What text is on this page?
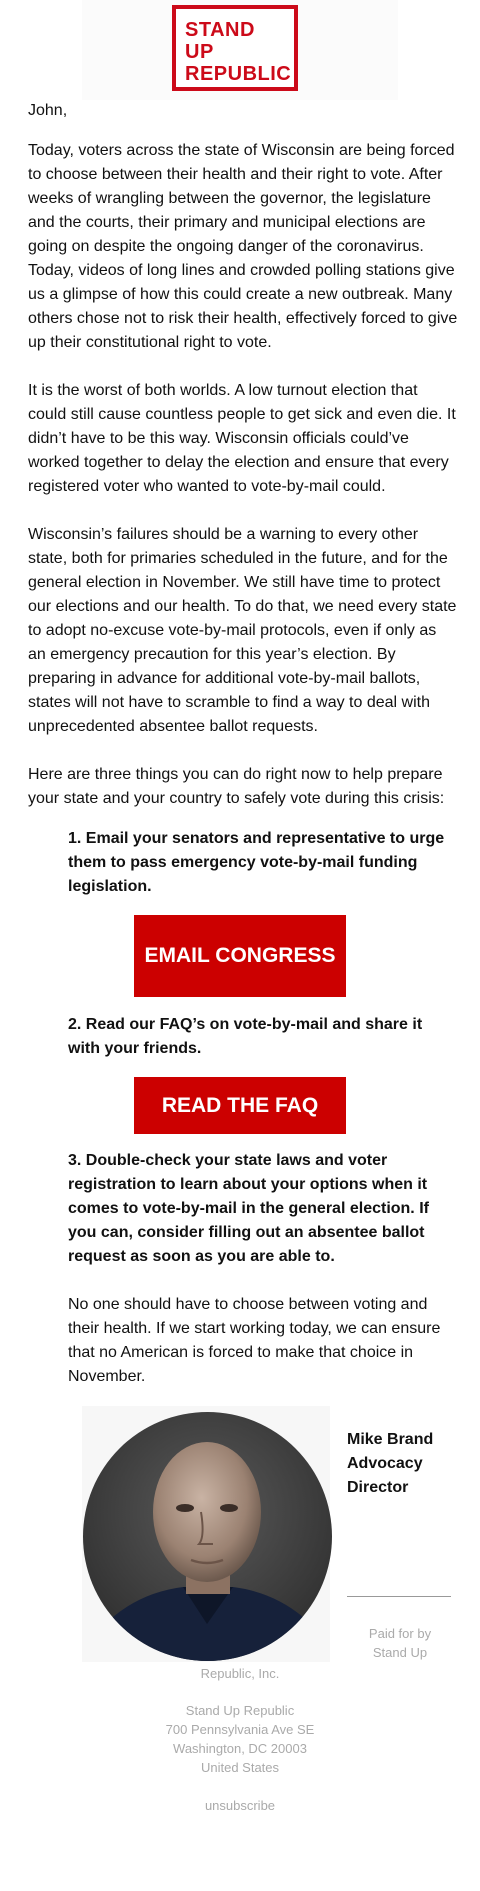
STAND
UP
REPUBLIC
John,

Today, voters across the state of Wisconsin are being forced to choose between their health and their right to vote. After weeks of wrangling between the governor, the legislature and the courts, their primary and municipal elections are going on despite the ongoing danger of the coronavirus. Today, videos of long lines and crowded polling stations give us a glimpse of how this could create a new outbreak. Many others chose not to risk their health, effectively forced to give up their constitutional right to vote.

It is the worst of both worlds. A low turnout election that could still cause countless people to get sick and even die. It didn’t have to be this way. Wisconsin officials could’ve worked together to delay the election and ensure that every registered voter who wanted to vote-by-mail could.

Wisconsin’s failures should be a warning to every other state, both for primaries scheduled in the future, and for the general election in November. We still have time to protect our elections and our health. To do that, we need every state to adopt no-excuse vote-by-mail protocols, even if only as an emergency precaution for this year’s election. By preparing in advance for additional vote-by-mail ballots, states will not have to scramble to find a way to deal with unprecedented absentee ballot requests.

Here are three things you can do right now to help prepare your state and your country to safely vote during this crisis:

1. Email your senators and representative to urge them to pass emergency vote-by-mail funding legislation.

EMAIL CONGRESS

2. Read our FAQ’s on vote-by-mail and share it with your friends.

READ THE FAQ

3. Double-check your state laws and voter registration to learn about your options when it comes to vote-by-mail in the general election. If you can, consider filling out an absentee ballot request as soon as you are able to.

No one should have to choose between voting and their health. If we start working today, we can ensure that no American is forced to make that choice in November.

Mike Brand
Advocacy Director
Paid for by Stand Up
Republic, Inc.
Stand Up Republic
700 Pennsylvania Ave SE
Washington, DC 20003
United States
unsubscribe
